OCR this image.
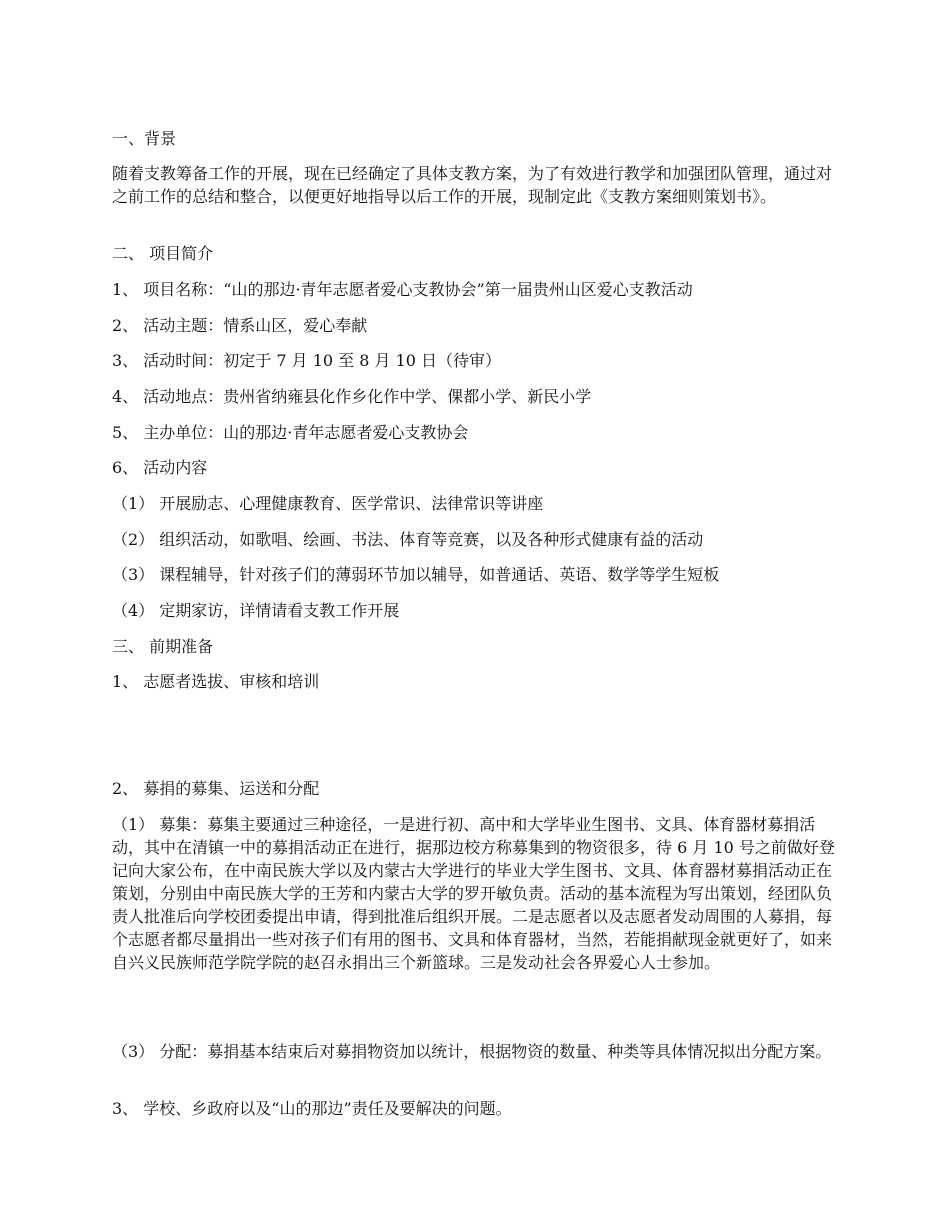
一、背景

随着支教筹备工作的开展，现在已经确定了具体支教方案，为了有效进行教学和加强团队管理，通过对之前工作的总结和整合，以便更好地指导以后工作的开展，现制定此《支教方案细则策划书》。

二、 项目简介

1、 项目名称：“山的那边·青年志愿者爱心支教协会”第一届贵州山区爱心支教活动

2、 活动主题：情系山区，爱心奉献

3、 活动时间：初定于 7 月 10 至 8 月 10 日（待审）

4、 活动地点：贵州省纳雍县化作乡化作中学、倮都小学、新民小学

5、 主办单位：山的那边·青年志愿者爱心支教协会

6、 活动内容

（1） 开展励志、心理健康教育、医学常识、法律常识等讲座

（2） 组织活动，如歌唱、绘画、书法、体育等竞赛，以及各种形式健康有益的活动

（3） 课程辅导，针对孩子们的薄弱环节加以辅导，如普通话、英语、数学等学生短板

（4） 定期家访，详情请看支教工作开展

三、 前期准备

1、 志愿者选拔、审核和培训

2、 募捐的募集、运送和分配

（1） 募集：募集主要通过三种途径，一是进行初、高中和大学毕业生图书、文具、体育器材募捐活动，其中在清镇一中的募捐活动正在进行，据那边校方称募集到的物资很多，待 6 月 10 号之前做好登记向大家公布，在中南民族大学以及内蒙古大学进行的毕业大学生图书、文具、体育器材募捐活动正在策划，分别由中南民族大学的王芳和内蒙古大学的罗开敏负责。活动的基本流程为写出策划，经团队负责人批准后向学校团委提出申请，得到批准后组织开展。二是志愿者以及志愿者发动周围的人募捐，每个志愿者都尽量捐出一些对孩子们有用的图书、文具和体育器材，当然，若能捐献现金就更好了，如来自兴义民族师范学院学院的赵召永捐出三个新篮球。三是发动社会各界爱心人士参加。

（3） 分配：募捐基本结束后对募捐物资加以统计，根据物资的数量、种类等具体情况拟出分配方案。

3、 学校、乡政府以及“山的那边”责任及要解决的问题。
